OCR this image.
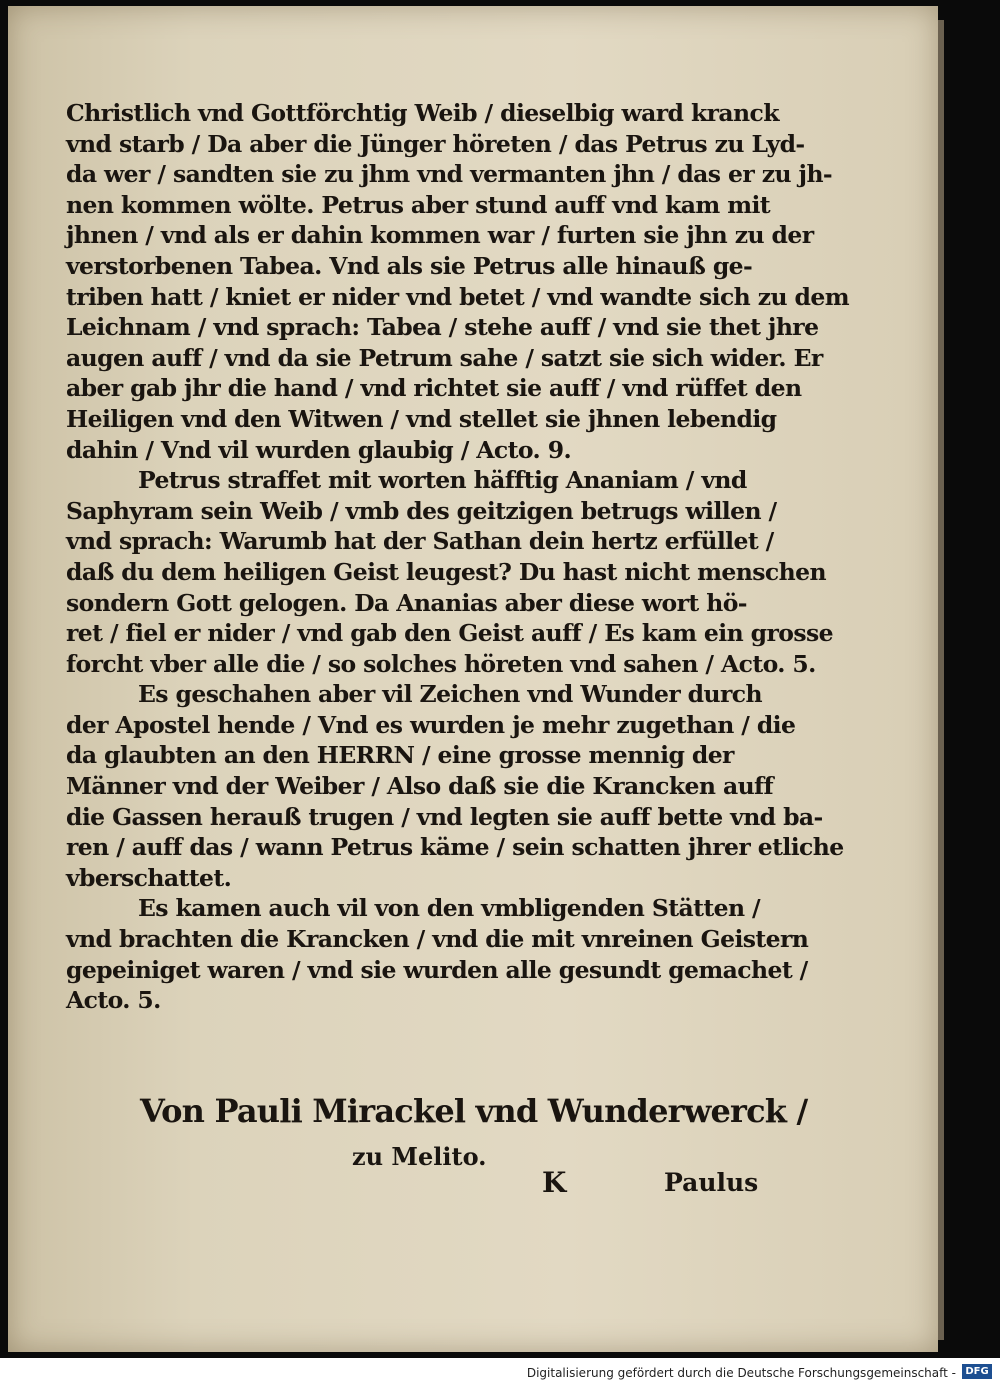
Christlich vnd Gottförchtig Weib / dieselbig ward kranck
vnd starb / Da aber die Jünger höreten / das Petrus zu Lyd-
da wer / sandten sie zu jhm vnd vermanten jhn / das er zu jh-
nen kommen wölte. Petrus aber stund auff vnd kam mit
jhnen / vnd als er dahin kommen war / furten sie jhn zu der
verstorbenen Tabea. Vnd als sie Petrus alle hinauß ge-
triben hatt / kniet er nider vnd betet / vnd wandte sich zu dem
Leichnam / vnd sprach: Tabea / stehe auff / vnd sie thet jhre
augen auff / vnd da sie Petrum sahe / satzt sie sich wider. Er
aber gab jhr die hand / vnd richtet sie auff / vnd rüffet den
Heiligen vnd den Witwen / vnd stellet sie jhnen lebendig
dahin / Vnd vil wurden glaubig / Acto. 9.
Petrus straffet mit worten häfftig Ananiam / vnd
Saphyram sein Weib / vmb des geitzigen betrugs willen /
vnd sprach: Warumb hat der Sathan dein hertz erfüllet /
daß du dem heiligen Geist leugest? Du hast nicht menschen
sondern Gott gelogen. Da Ananias aber diese wort hö-
ret / fiel er nider / vnd gab den Geist auff / Es kam ein grosse
forcht vber alle die / so solches höreten vnd sahen / Acto. 5.
Es geschahen aber vil Zeichen vnd Wunder durch
der Apostel hende / Vnd es wurden je mehr zugethan / die
da glaubten an den HERRN / eine grosse mennig der
Männer vnd der Weiber / Also daß sie die Krancken auff
die Gassen herauß trugen / vnd legten sie auff bette vnd ba-
ren / auff das / wann Petrus käme / sein schatten jhrer etliche
vberschattet.
Es kamen auch vil von den vmbligenden Stätten /
vnd brachten die Krancken / vnd die mit vnreinen Geistern
gepeiniget waren / vnd sie wurden alle gesundt gemachet /
Acto. 5.
Von Pauli Mirackel vnd Wunderwerck /
zu Melito.
K	Paulus
Digitalisierung gefördert durch die Deutsche Forschungsgemeinschaft - DFG
